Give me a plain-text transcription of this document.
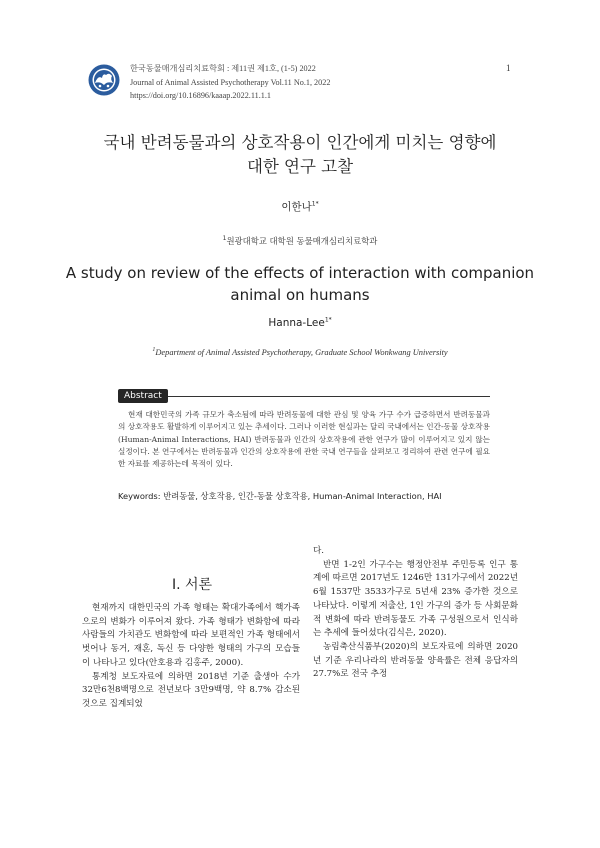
한국동물매개심리치료학회 : 제11권 제1호, (1-5) 2022
Journal of Animal Assisted Psychotherapy Vol.11 No.1, 2022
https://doi.org/10.16896/kaaap.2022.11.1.1
1
국내 반려동물과의 상호작용이 인간에게 미치는 영향에
대한 연구 고찰
이한나$^{1*}$
$^1$원광대학교 대학원 동물매개심리치료학과
A study on review of the effects of interaction with companion
animal on humans
Hanna-Lee$^{1*}$
$^1$Department of Animal Assisted Psychotherapy, Graduate School Wonkwang University
Abstract
현재 대한민국의 가족 규모가 축소됨에 따라 반려동물에 대한 관심 및 양육 가구 수가 급증하면서 반려동물과의 상호작용도 활발하게 이루어지고 있는 추세이다. 그러나 이러한 현실과는 달리 국내에서는 인간-동물 상호작용(Human-Animal Interactions, HAI) 반려동물과 인간의 상호작용에 관한 연구가 많이 이루어지고 있지 않는 실정이다. 본 연구에서는 반려동물과 인간의 상호작용에 관한 국내 연구들을 살펴보고 정리하여 관련 연구에 필요한 자료를 제공하는데 목적이 있다.
Keywords: 반려동물, 상호작용, 인간-동물 상호작용, Human-Animal Interaction, HAI
Ⅰ. 서론

현재까지 대한민국의 가족 형태는 확대가족에서 핵가족으로의 변화가 이루어져 왔다. 가족 형태가 변화함에 따라 사람들의 가치관도 변화함에 따라 보편적인 가족 형태에서 벗어나 동거, 재혼, 독신 등 다양한 형태의 가구의 모습들이 나타나고 있다(안호용과 김홍주, 2000).

통계청 보도자료에 의하면 2018년 기준 출생아 수가 32만6천8백명으로 전년보다 3만9백명, 약 8.7% 감소된 것으로 집계되었

다.

반면 1-2인 가구수는 행정안전부 주민등록 인구 통계에 따르면 2017년도 1246만 131가구에서 2022년 6월 1537만 3533가구로 5년새 23% 증가한 것으로 나타났다. 이렇게 저출산, 1인 가구의 증가 등 사회문화적 변화에 따라 반려동물도 가족 구성원으로서 인식하는 추세에 들어섰다(김식은, 2020).

농림축산식품부(2020)의 보도자료에 의하면 2020년 기준 우리나라의 반려동물 양육률은 전체 응답자의 27.7%로 전국 추정
